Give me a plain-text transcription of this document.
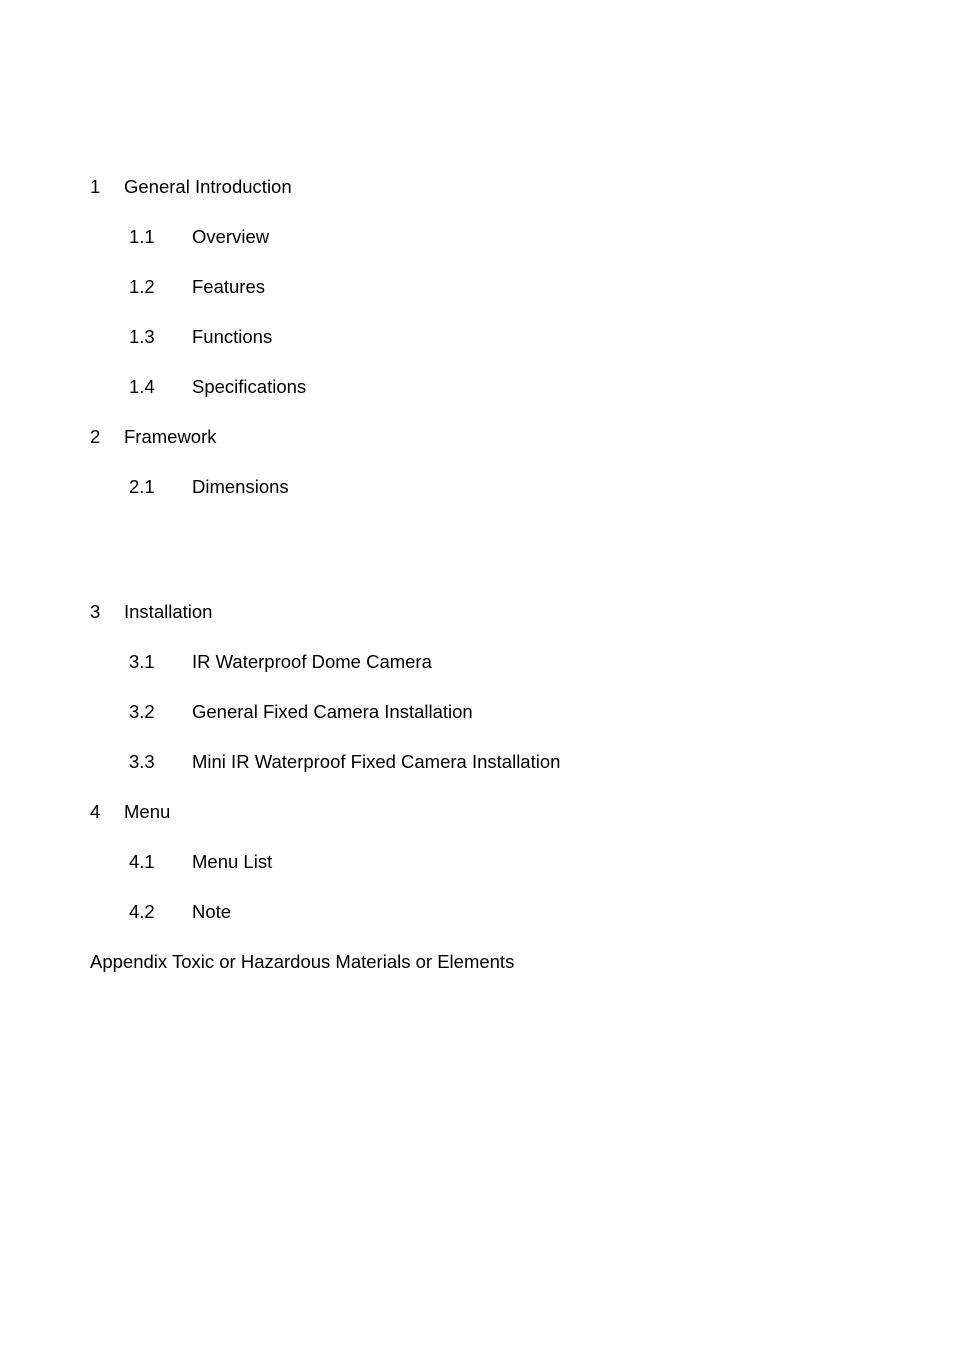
1 General Introduction
1.1 Overview
1.2 Features
1.3 Functions
1.4 Specifications
2 Framework
2.1 Dimensions
3 Installation
3.1 IR Waterproof Dome Camera
3.2 General Fixed Camera Installation
3.3 Mini IR Waterproof Fixed Camera Installation
4 Menu
4.1 Menu List
4.2 Note
Appendix Toxic or Hazardous Materials or Elements
